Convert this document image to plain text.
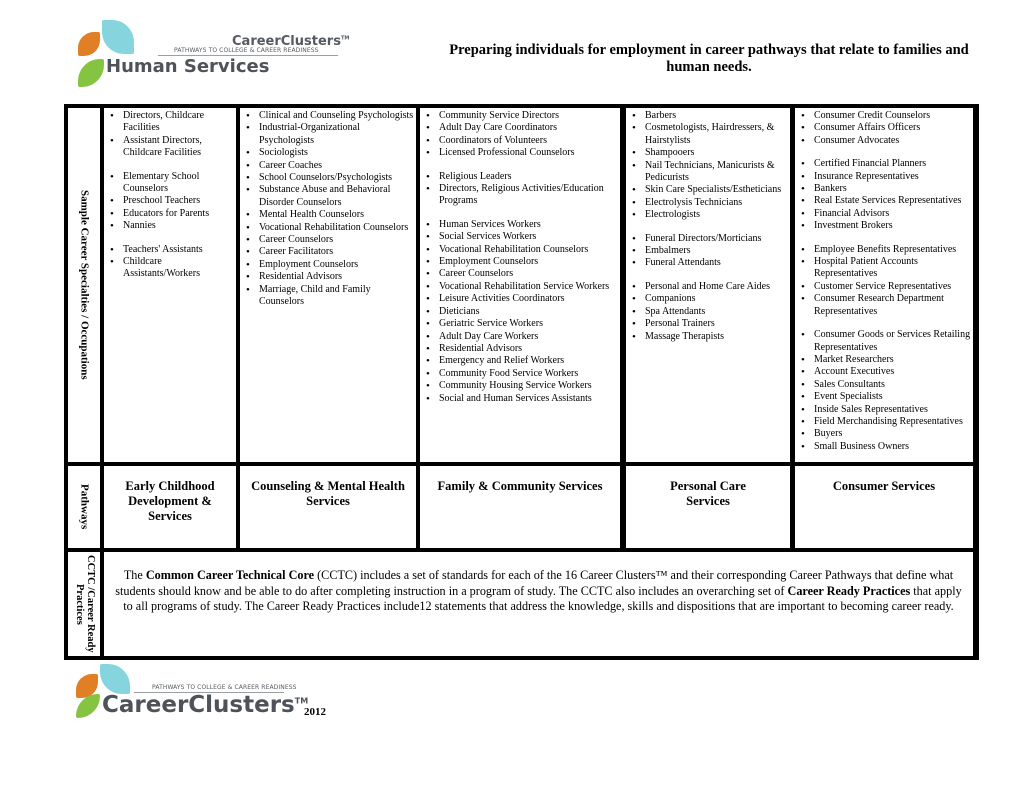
CareerClusters™
PATHWAYS TO COLLEGE & CAREER READINESS
Human Services
Preparing individuals for employment in career pathways that relate to families and human needs.
Sample Career Specialties / Occupations
Pathways
CCTC /Career Ready Practices
• Directors, Childcare Facilities
• Assistant Directors, Childcare Facilities
• Elementary School Counselors
• Preschool Teachers
• Educators for Parents
• Nannies
• Teachers' Assistants
• Childcare Assistants/Workers
• Clinical and Counseling Psychologists
• Industrial-Organizational Psychologists
• Sociologists
• Career Coaches
• School Counselors/Psychologists
• Substance Abuse and Behavioral Disorder Counselors
• Mental Health Counselors
• Vocational Rehabilitation Counselors
• Career Counselors
• Career Facilitators
• Employment Counselors
• Residential Advisors
• Marriage, Child and Family Counselors
• Community Service Directors
• Adult Day Care Coordinators
• Coordinators of Volunteers
• Licensed Professional Counselors
• Religious Leaders
• Directors, Religious Activities/Education Programs
• Human Services Workers
• Social Services Workers
• Vocational Rehabilitation Counselors
• Employment Counselors
• Career Counselors
• Vocational Rehabilitation Service Workers
• Leisure Activities Coordinators
• Dieticians
• Geriatric Service Workers
• Adult Day Care Workers
• Residential Advisors
• Emergency and Relief Workers
• Community Food Service Workers
• Community Housing Service Workers
• Social and Human Services Assistants
• Barbers
• Cosmetologists, Hairdressers, & Hairstylists
• Shampooers
• Nail Technicians, Manicurists & Pedicurists
• Skin Care Specialists/Estheticians
• Electrolysis Technicians
• Electrologists
• Funeral Directors/Morticians
• Embalmers
• Funeral Attendants
• Personal and Home Care Aides
• Companions
• Spa Attendants
• Personal Trainers
• Massage Therapists
• Consumer Credit Counselors
• Consumer Affairs Officers
• Consumer Advocates
• Certified Financial Planners
• Insurance Representatives
• Bankers
• Real Estate Services Representatives
• Financial Advisors
• Investment Brokers
• Employee Benefits Representatives
• Hospital Patient Accounts Representatives
• Customer Service Representatives
• Consumer Research Department Representatives
• Consumer Goods or Services Retailing Representatives
• Market Researchers
• Account Executives
• Sales Consultants
• Event Specialists
• Inside Sales Representatives
• Field Merchandising Representatives
• Buyers
• Small Business Owners
Early Childhood Development & Services
Counseling & Mental Health Services
Family & Community Services	Personal Care Services
Consumer Services
The Common Career Technical Core (CCTC) includes a set of standards for each of the 16 Career Clusters™ and their corresponding Career Pathways that define what students should know and be able to do after completing instruction in a program of study. The CCTC also includes an overarching set of Career Ready Practices that apply to all programs of study. The Career Ready Practices include12 statements that address the knowledge, skills and dispositions that are important to becoming career ready.
PATHWAYS TO COLLEGE & CAREER READINESS
CareerClusters™
2012
